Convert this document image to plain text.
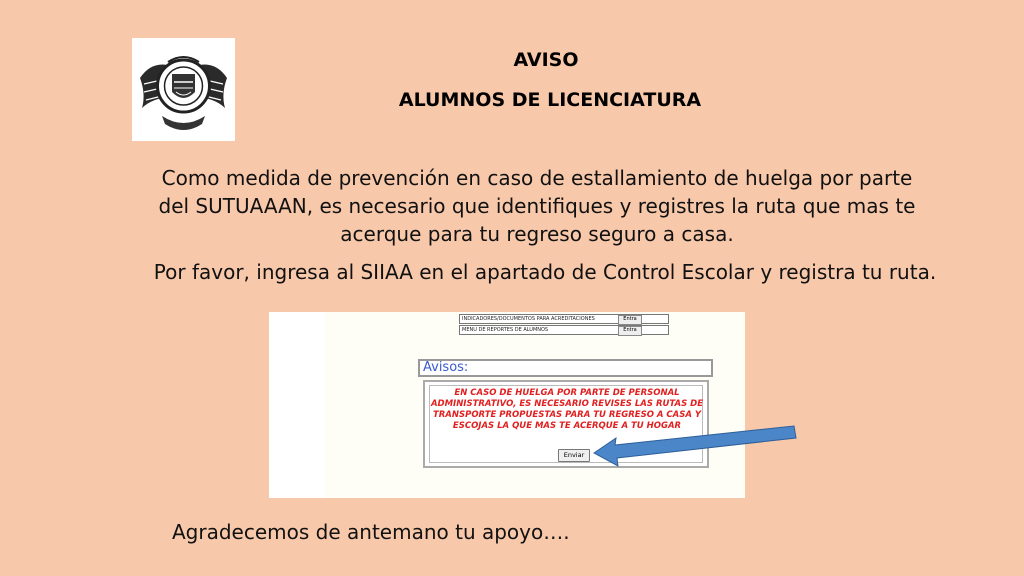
AVISO
ALUMNOS DE LICENCIATURA
Como medida de prevención en caso de estallamiento de huelga por parte del SUTUAAAN, es necesario que identifiques y registres la ruta que mas te acerque para tu regreso seguro a casa.
Por favor, ingresa al SIIAA en el apartado de Control Escolar y registra tu ruta.
INDICADORES/DOCUMENTOS PARA ACREDITACIONES	Entra
MENU DE REPORTES DE ALUMNOS	Entra
Avisos:
EN CASO DE HUELGA POR PARTE DE PERSONAL ADMINISTRATIVO, ES NECESARIO REVISES LAS RUTAS DE TRANSPORTE PROPUESTAS PARA TU REGRESO A CASA Y ESCOJAS LA QUE MAS TE ACERQUE A TU HOGAR
Enviar
Agradecemos de antemano tu apoyo….
